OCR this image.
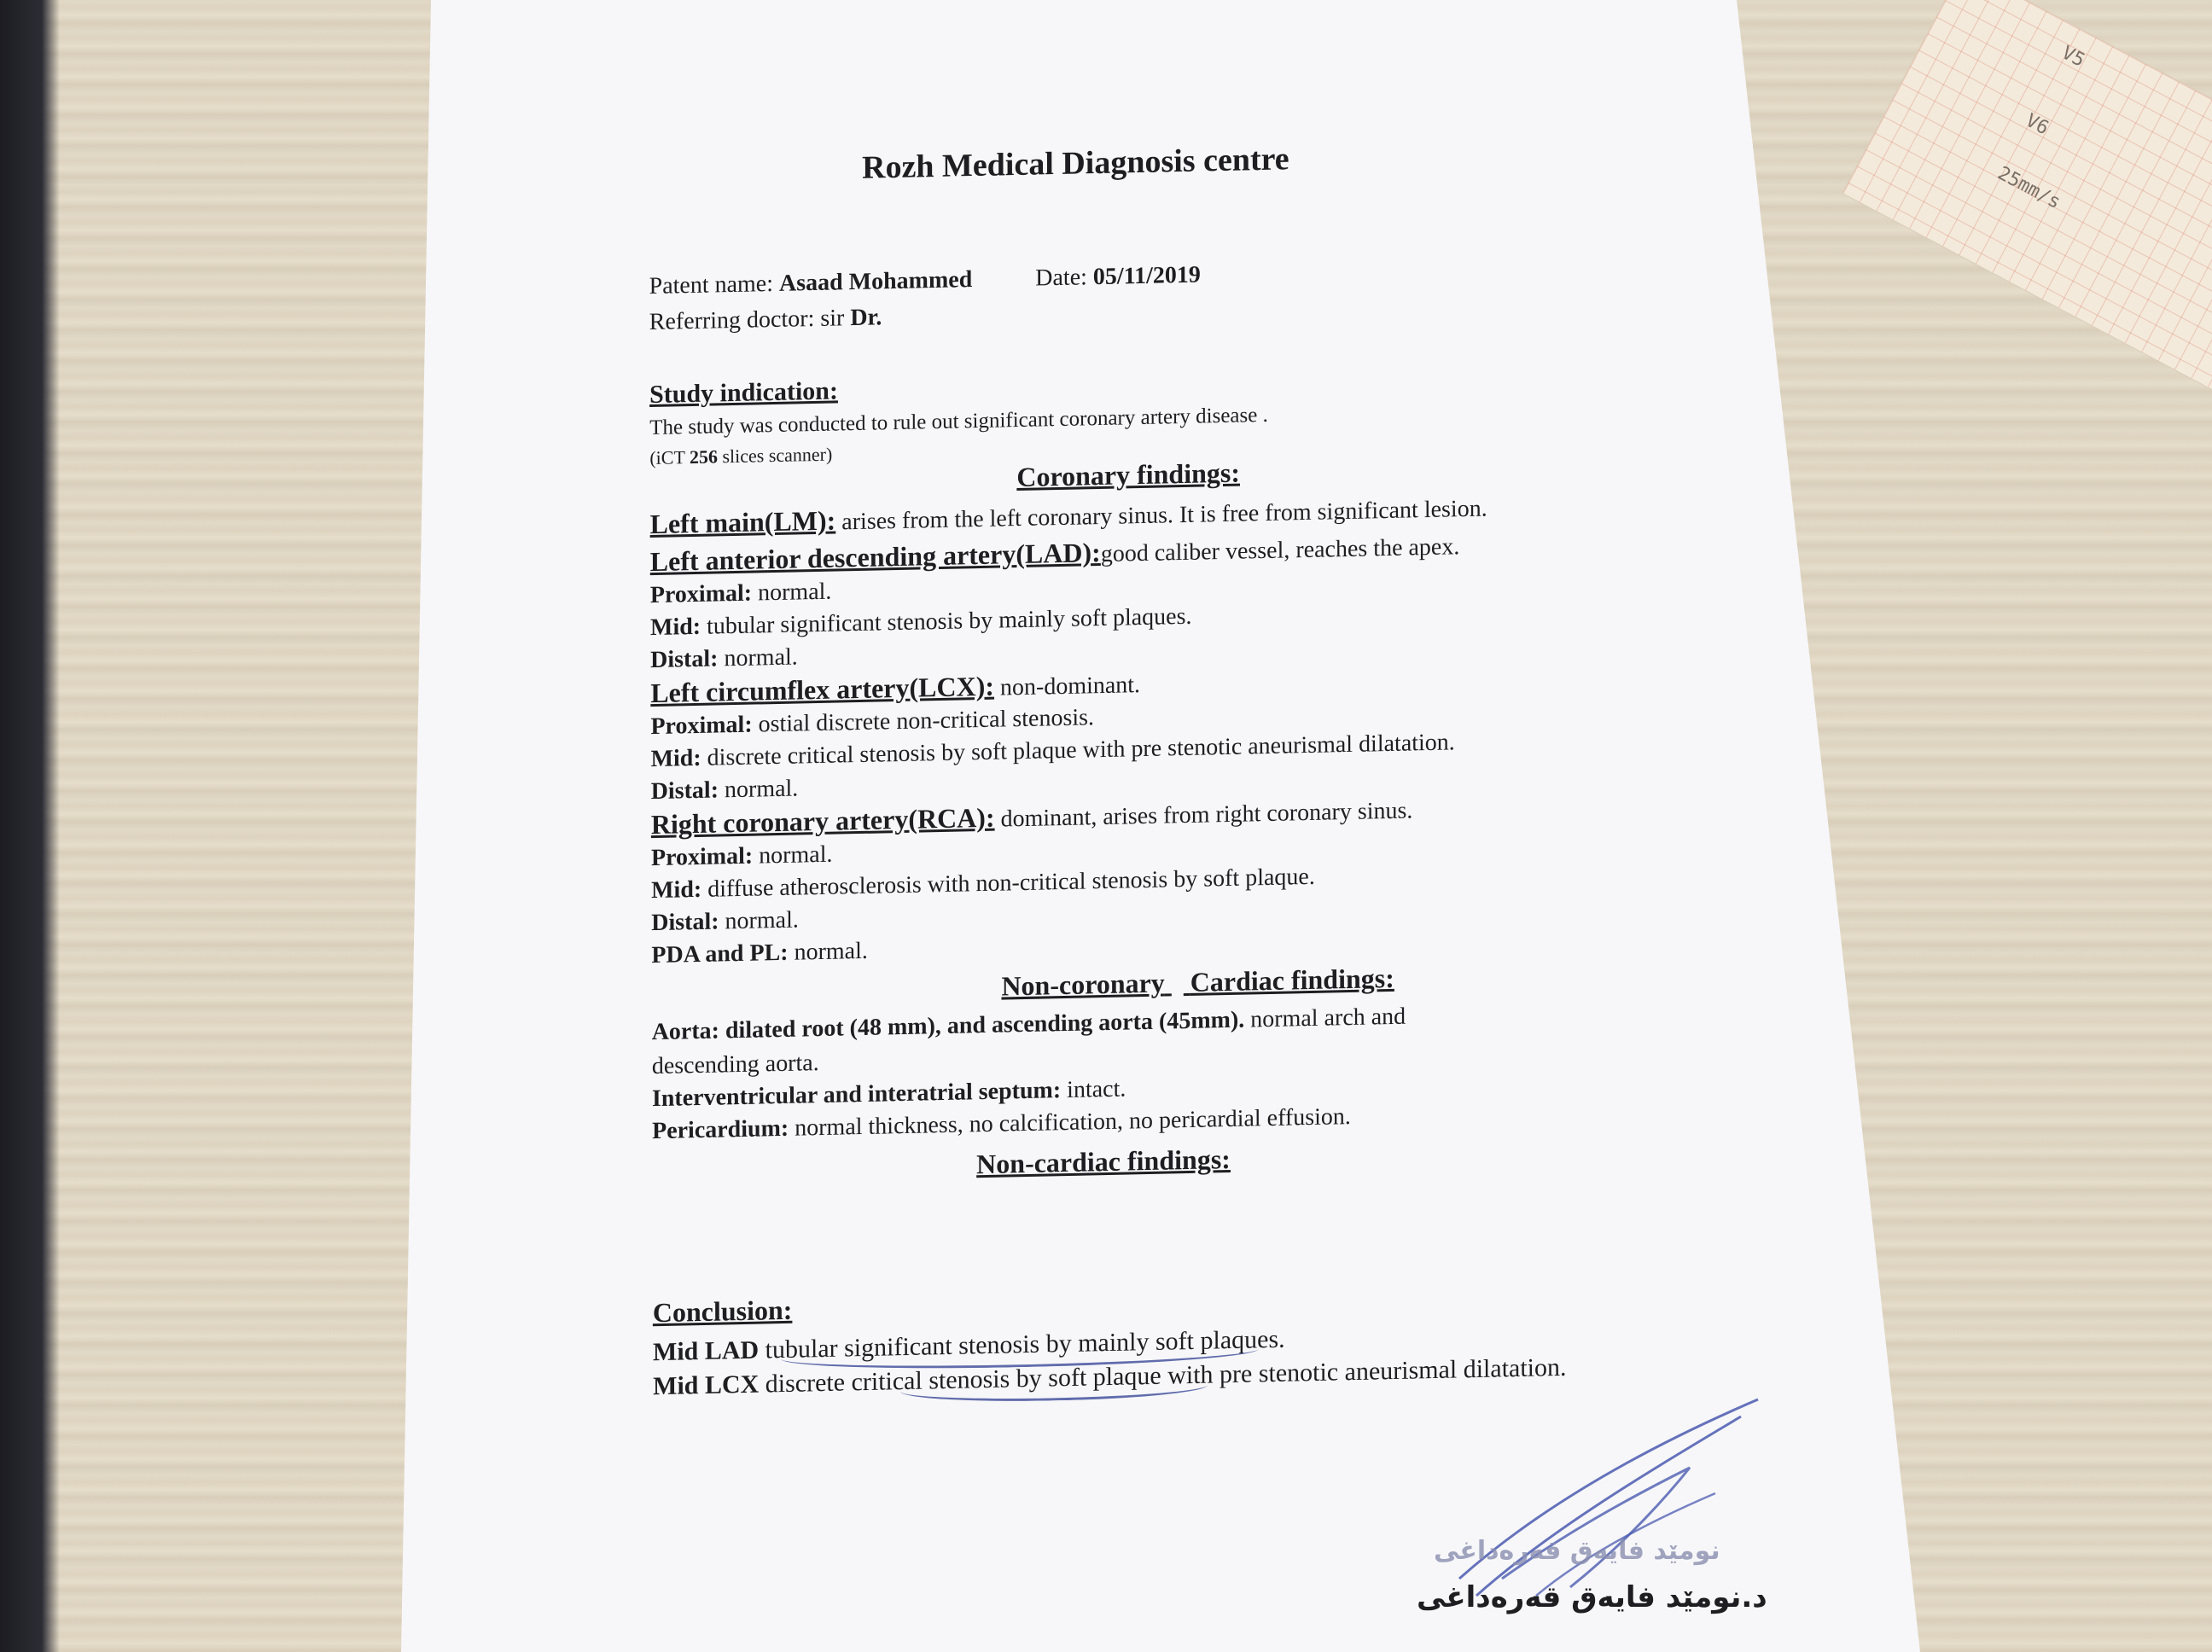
V5
V6
25mm/s
Rozh Medical Diagnosis centre
Patent name: Asaad Mohammed	Date: 05/11/2019
Referring doctor: sir Dr.
Study indication:
The study was conducted to rule out significant coronary artery disease .
(iCT 256 slices scanner)
Coronary findings:
Left main(LM): arises from the left coronary sinus. It is free from significant lesion.
Left anterior descending artery(LAD):good caliber vessel, reaches the apex.
Proximal: normal.
Mid: tubular significant stenosis by mainly soft plaques.
Distal: normal.
Left circumflex artery(LCX): non-dominant.
Proximal: ostial discrete non-critical stenosis.
Mid: discrete critical stenosis by soft plaque with pre stenotic aneurismal dilatation.
Distal: normal.
Right coronary artery(RCA): dominant, arises from right coronary sinus.
Proximal: normal.
Mid: diffuse atherosclerosis with non-critical stenosis by soft plaque.
Distal: normal.
PDA and PL: normal.
Non-coronary Cardiac findings:
Aorta: dilated root (48 mm), and ascending aorta (45mm). normal arch and
descending aorta.
Interventricular and interatrial septum: intact.
Pericardium: normal thickness, no calcification, no pericardial effusion.
Non-cardiac findings:
Conclusion:
Mid LAD tubular significant stenosis by mainly soft plaques.
Mid LCX discrete critical stenosis by soft plaque with pre stenotic aneurismal dilatation.
نومێد فایەق قەرەداغی
د.نومێد فایەق قەرەداغی
